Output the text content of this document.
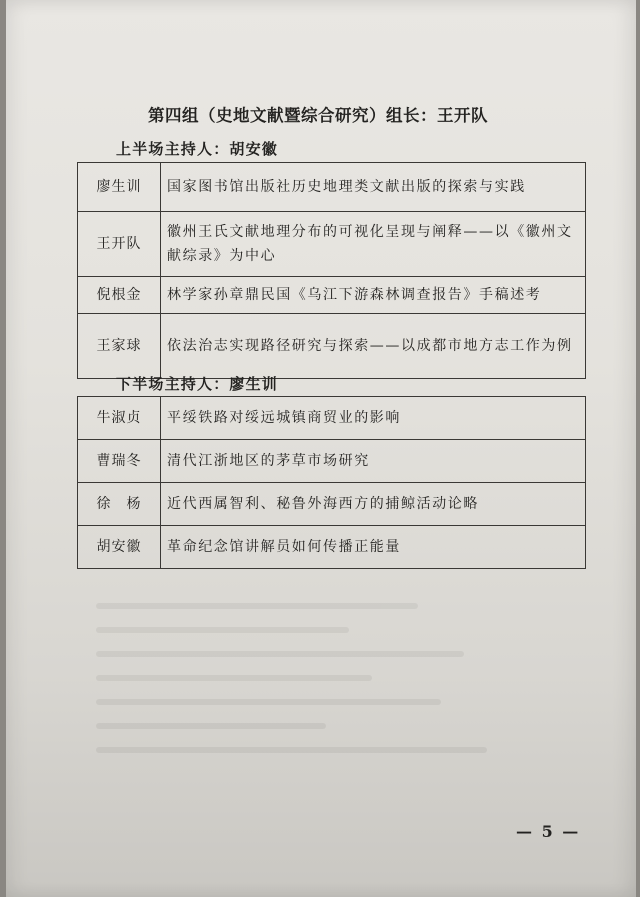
第四组（史地文献暨综合研究）组长：王开队
上半场主持人：胡安徽
廖生训	国家图书馆出版社历史地理类文献出版的探索与实践
王开队	徽州王氏文献地理分布的可视化呈现与阐释——以《徽州文献综录》为中心
倪根金	林学家孙章鼎民国《乌江下游森林调查报告》手稿述考
王家球	依法治志实现路径研究与探索——以成都市地方志工作为例
下半场主持人：廖生训
牛淑贞	平绥铁路对绥远城镇商贸业的影响
曹瑞冬	清代江浙地区的茅草市场研究
徐　杨	近代西属智利、秘鲁外海西方的捕鲸活动论略
胡安徽	革命纪念馆讲解员如何传播正能量
— 5 —
